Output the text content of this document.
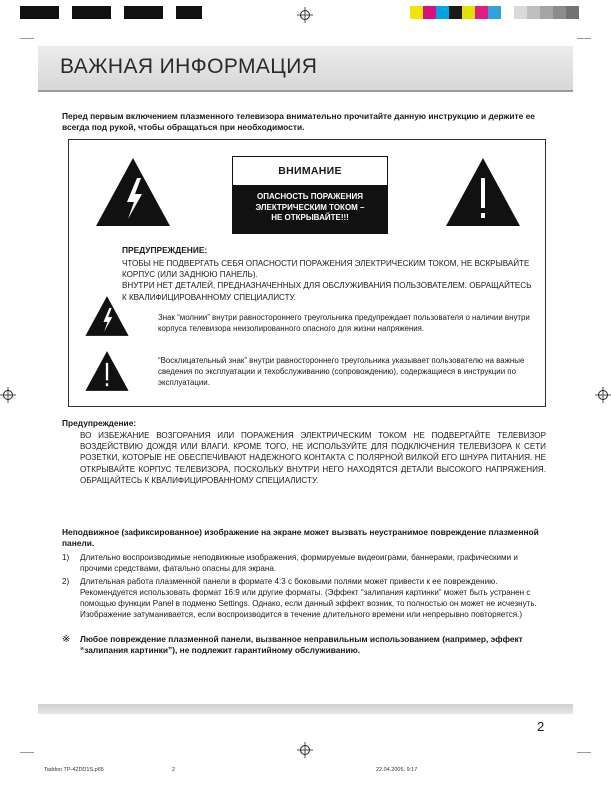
ВАЖНАЯ ИНФОРМАЦИЯ
Перед первым включением плазменного телевизора внимательно прочитайте данную инструкцию и держите ее всегда под рукой, чтобы обращаться при необходимости.
ВНИМАНИЕ
ОПАСНОСТЬ ПОРАЖЕНИЯ
ЭЛЕКТРИЧЕСКИМ ТОКОМ –
НЕ ОТКРЫВАЙТЕ!!!
ПРЕДУПРЕЖДЕНИЕ:

ЧТОБЫ НЕ ПОДВЕРГАТЬ СЕБЯ ОПАСНОСТИ ПОРАЖЕНИЯ ЭЛЕКТРИЧЕСКИМ ТОКОМ, НЕ ВСКРЫВАЙТЕ КОРПУС (ИЛИ ЗАДНЮЮ ПАНЕЛЬ).

ВНУТРИ НЕТ ДЕТАЛЕЙ, ПРЕДНАЗНАЧЕННЫХ ДЛЯ ОБСЛУЖИВАНИЯ ПОЛЬЗОВАТЕЛЕМ. ОБРАЩАЙТЕСЬ К КВАЛИФИЦИРОВАННОМУ СПЕЦИАЛИСТУ.

Знак “молнии” внутри равностороннего треугольника предупреждает пользователя о наличии внутри корпуса телевизора неизолированного опасного для жизни напряжения.
“Восклицательный знак” внутри равностороннего треугольника указывает пользователю на важные сведения по эксплуатации и техобслуживанию (сопровождению), содержащиеся в инструкции по эксплуатации.
Предупреждение:
ВО ИЗБЕЖАНИЕ ВОЗГОРАНИЯ ИЛИ ПОРАЖЕНИЯ ЭЛЕКТРИЧЕСКИМ ТОКОМ НЕ ПОДВЕРГАЙТЕ ТЕЛЕВИЗОР ВОЗДЕЙСТВИЮ ДОЖДЯ ИЛИ ВЛАГИ. КРОМЕ ТОГО, НЕ ИСПОЛЬЗУЙТЕ ДЛЯ ПОДКЛЮЧЕНИЯ ТЕЛЕВИЗОРА К СЕТИ РОЗЕТКИ, КОТОРЫЕ НЕ ОБЕСПЕЧИВАЮТ НАДЕЖНОГО КОНТАКТА С ПОЛЯРНОЙ ВИЛКОЙ ЕГО ШНУРА ПИТАНИЯ. НЕ ОТКРЫВАЙТЕ КОРПУС ТЕЛЕВИЗОРА, ПОСКОЛЬКУ ВНУТРИ НЕГО НАХОДЯТСЯ ДЕТАЛИ ВЫСОКОГО НАПРЯЖЕНИЯ. ОБРАЩАЙТЕСЬ К КВАЛИФИЦИРОВАННОМУ СПЕЦИАЛИСТУ.
Неподвижное (зафиксированное) изображение на экране может вызвать неустранимое повреждение плазменной панели.
1) Длительно воспроизводимые неподвижные изображения, формируемые видеоиграми, баннерами, графическими и прочими средствами, фатально опасны для экрана.
2) Длительная работа плазменной панели в формате 4:3 с боковыми полями может привести к ее повреждению. Рекомендуется использовать формат 16:9 или другие форматы. (Эффект “залипания картинки” может быть устранен с помощью функции Panel в подменю Settings. Однако, если данный эффект возник, то полностью он может не исчезнуть. Изображение затуманивается, если воспроизводится в течение длительного времени или непрерывно повторяется.)
※ Любое повреждение плазменной панели, вызванное неправильным использованием (например, эффект “залипания картинки”), не подлежит гарантийному обслуживанию.
2
Taddon TP-42DD1S.p65	2	22.04.2005, 9:17
